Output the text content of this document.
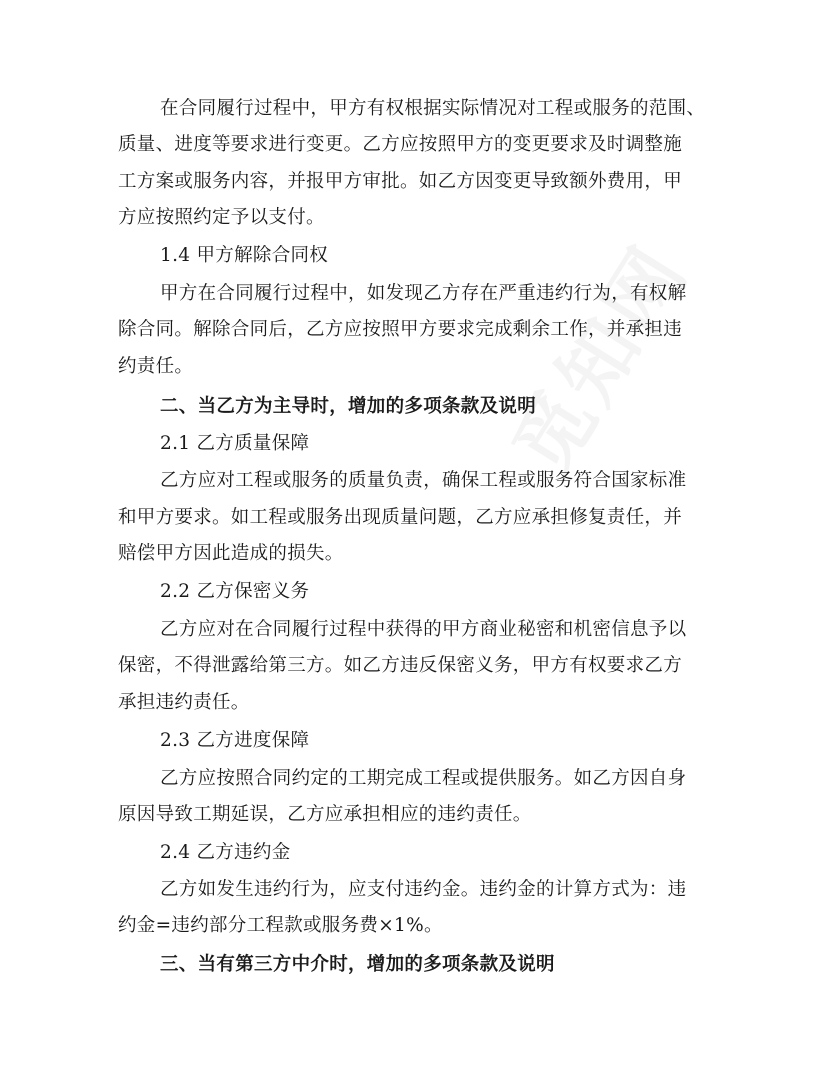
在合同履行过程中，甲方有权根据实际情况对工程或服务的范围、
质量、进度等要求进行变更。乙方应按照甲方的变更要求及时调整施
工方案或服务内容，并报甲方审批。如乙方因变更导致额外费用，甲
方应按照约定予以支付。
1.4 甲方解除合同权
甲方在合同履行过程中，如发现乙方存在严重违约行为，有权解
除合同。解除合同后，乙方应按照甲方要求完成剩余工作，并承担违
约责任。
二、当乙方为主导时，增加的多项条款及说明
2.1 乙方质量保障
乙方应对工程或服务的质量负责，确保工程或服务符合国家标准
和甲方要求。如工程或服务出现质量问题，乙方应承担修复责任，并
赔偿甲方因此造成的损失。
2.2 乙方保密义务
乙方应对在合同履行过程中获得的甲方商业秘密和机密信息予以
保密，不得泄露给第三方。如乙方违反保密义务，甲方有权要求乙方
承担违约责任。
2.3 乙方进度保障
乙方应按照合同约定的工期完成工程或提供服务。如乙方因自身
原因导致工期延误，乙方应承担相应的违约责任。
2.4 乙方违约金
乙方如发生违约行为，应支付违约金。违约金的计算方式为：违
约金=违约部分工程款或服务费×1%。
三、当有第三方中介时，增加的多项条款及说明
